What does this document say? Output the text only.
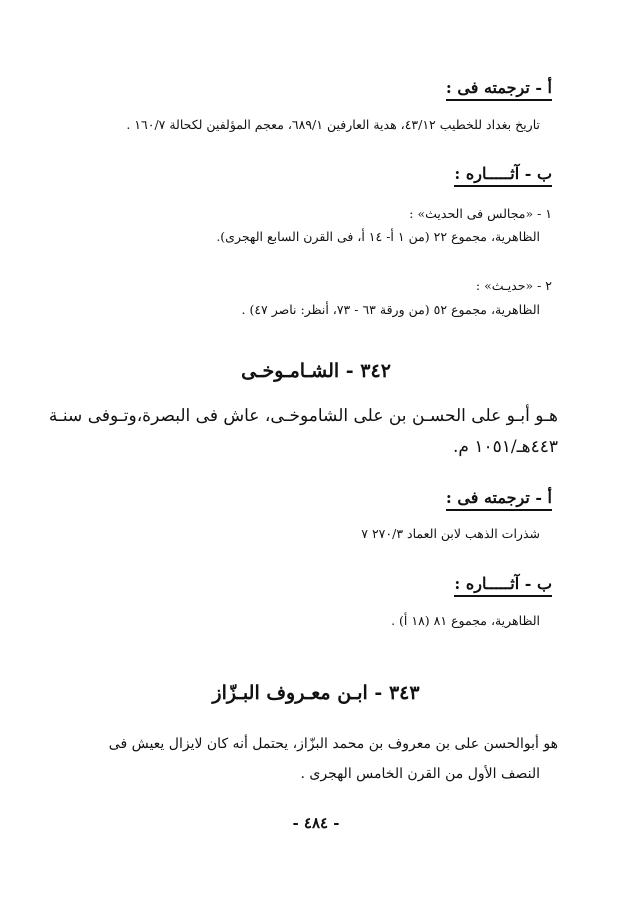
أ - ترجمته فى :
تاريخ بغداد للخطيب ٤٣/١٢، هدية العارفين ٦٨٩/١، معجم المؤلفين لكحالة ١٦٠/٧ .
ب - آثـــــاره :
١ - «مجالس فى الحديث» :
الظاهرية، مجموع ٢٢ (من ١ أ- ١٤ أ، فى القرن السابع الهجرى).
٢ - «حديـث» :
الظاهرية، مجموع ٥٢ (من ورقة ٦٣ - ٧٣، أنظر: ناصر ٤٧) .
٣٤٢ - الشـامـوخـى
هـو أبـو على الحسـن بن على الشاموخـى، عاش فى البصرة،وتـوفى سنـة
٤٤٣هـ/١٠٥١ م.
أ - ترجمته فى :
شذرات الذهب لابن العماد ٢٧٠/٣ ٧
ب - آثـــــاره :
الظاهرية، مجموع ٨١ (١٨ أ) .
٣٤٣ - ابـن معـروف البـزّاز
هو أبوالحسن على بن معروف بن محمد البزّاز، يحتمل أنه كان لايزال يعيش فى
النصف الأول من القرن الخامس الهجرى .
- ٤٨٤ -
